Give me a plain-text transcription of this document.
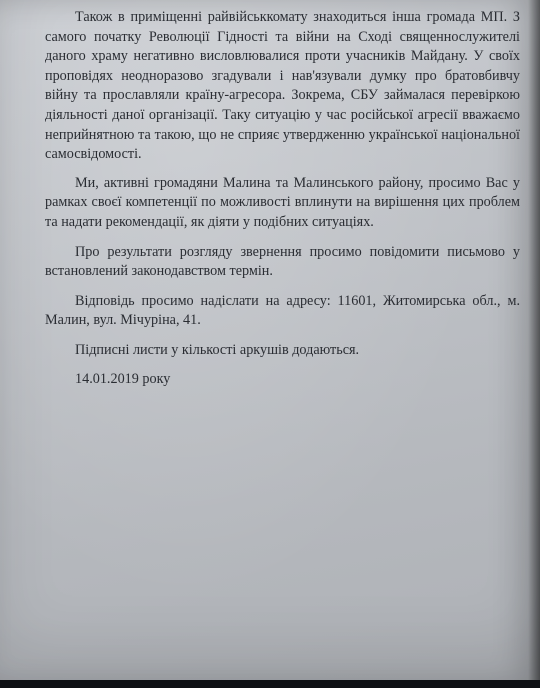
Також в приміщенні райвійськкомату знаходиться інша громада МП. З самого початку Революції Гідності та війни на Сході священнослужителі даного храму негативно висловлювалися проти учасників Майдану. У своїх проповідях неодноразово згадували і нав'язували думку про братовбивчу війну та прославляли країну-агресора. Зокрема, СБУ займалася перевіркою діяльності даної організації. Таку ситуацію у час російської агресії вважаємо неприйнятною та такою, що не сприяє утвердженню української національної самосвідомості.

Ми, активні громадяни Малина та Малинського району, просимо Вас у рамках своєї компетенції по можливості вплинути на вирішення цих проблем та надати рекомендації, як діяти у подібних ситуаціях.

Про результати розгляду звернення просимо повідомити письмово у встановлений законодавством термін.

Відповідь просимо надіслати на адресу: 11601, Житомирська обл., м. Малин, вул. Мічуріна, 41.

Підписні листи у кількості аркушів додаються.

14.01.2019 року
